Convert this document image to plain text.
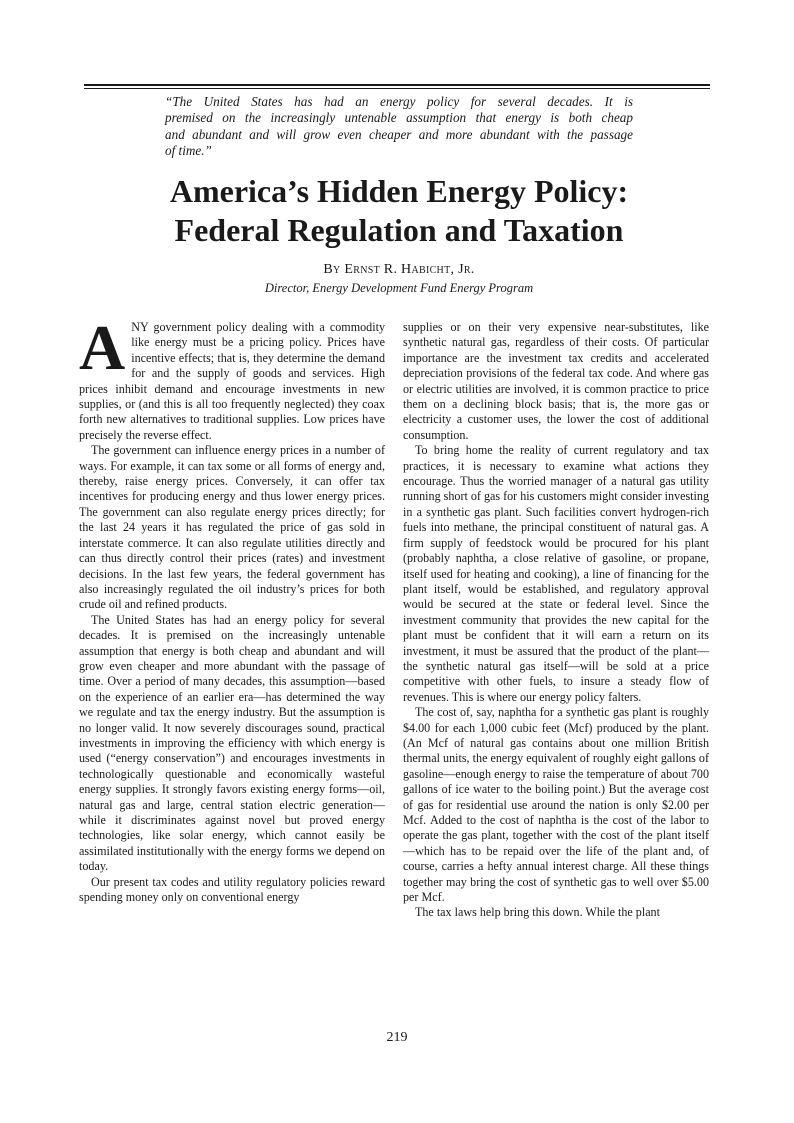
“The United States has had an energy policy for several decades. It is
premised on the increasingly untenable assumption that energy is both cheap
and abundant and will grow even cheaper and more abundant with the passage
of time.”
America’s Hidden Energy Policy:
Federal Regulation and Taxation
By Ernst R. Habicht, Jr.
Director, Energy Development Fund Energy Program

ANY government policy dealing with a commodity like energy must be a pricing policy. Prices have incentive effects; that is, they determine the demand for and the supply of goods and services. High prices inhibit demand and encourage investments in new supplies, or (and this is all too frequently neglected) they coax forth new alternatives to traditional supplies. Low prices have precisely the reverse effect.

The government can influence energy prices in a number of ways. For example, it can tax some or all forms of energy and, thereby, raise energy prices. Conversely, it can offer tax incentives for producing energy and thus lower energy prices. The government can also regulate energy prices directly; for the last 24 years it has regulated the price of gas sold in interstate commerce. It can also regulate utilities directly and can thus directly control their prices (rates) and investment decisions. In the last few years, the federal government has also increasingly regulated the oil industry’s prices for both crude oil and refined products.

The United States has had an energy policy for several decades. It is premised on the increasingly untenable assumption that energy is both cheap and abundant and will grow even cheaper and more abundant with the passage of time. Over a period of many decades, this assumption—based on the experience of an earlier era—has determined the way we regulate and tax the energy industry. But the assumption is no longer valid. It now severely discourages sound, practical investments in improving the efficiency with which energy is used (“energy conservation”) and encourages investments in technologically questionable and economically wasteful energy supplies. It strongly favors existing energy forms—oil, natural gas and large, central station electric generation—while it discriminates against novel but proved energy technologies, like solar energy, which cannot easily be assimilated institutionally with the energy forms we depend on today.

Our present tax codes and utility regulatory policies reward spending money only on conventional energy

supplies or on their very expensive near-substitutes, like synthetic natural gas, regardless of their costs. Of particular importance are the investment tax credits and accelerated depreciation provisions of the federal tax code. And where gas or electric utilities are involved, it is common practice to price them on a declining block basis; that is, the more gas or electricity a customer uses, the lower the cost of additional consumption.

To bring home the reality of current regulatory and tax practices, it is necessary to examine what actions they encourage. Thus the worried manager of a natural gas utility running short of gas for his customers might consider investing in a synthetic gas plant. Such facilities convert hydrogen-rich fuels into methane, the principal constituent of natural gas. A firm supply of feedstock would be procured for his plant (probably naphtha, a close relative of gasoline, or propane, itself used for heating and cooking), a line of financing for the plant itself, would be established, and regulatory approval would be secured at the state or federal level. Since the investment community that provides the new capital for the plant must be confident that it will earn a return on its investment, it must be assured that the product of the plant—the synthetic natural gas itself—will be sold at a price competitive with other fuels, to insure a steady flow of revenues. This is where our energy policy falters.

The cost of, say, naphtha for a synthetic gas plant is roughly $4.00 for each 1,000 cubic feet (Mcf) produced by the plant. (An Mcf of natural gas contains about one million British thermal units, the energy equivalent of roughly eight gallons of gasoline—enough energy to raise the temperature of about 700 gallons of ice water to the boiling point.) But the average cost of gas for residential use around the nation is only $2.00 per Mcf. Added to the cost of naphtha is the cost of the labor to operate the gas plant, together with the cost of the plant itself—which has to be repaid over the life of the plant and, of course, carries a hefty annual interest charge. All these things together may bring the cost of synthetic gas to well over $5.00 per Mcf.

The tax laws help bring this down. While the plant

219
